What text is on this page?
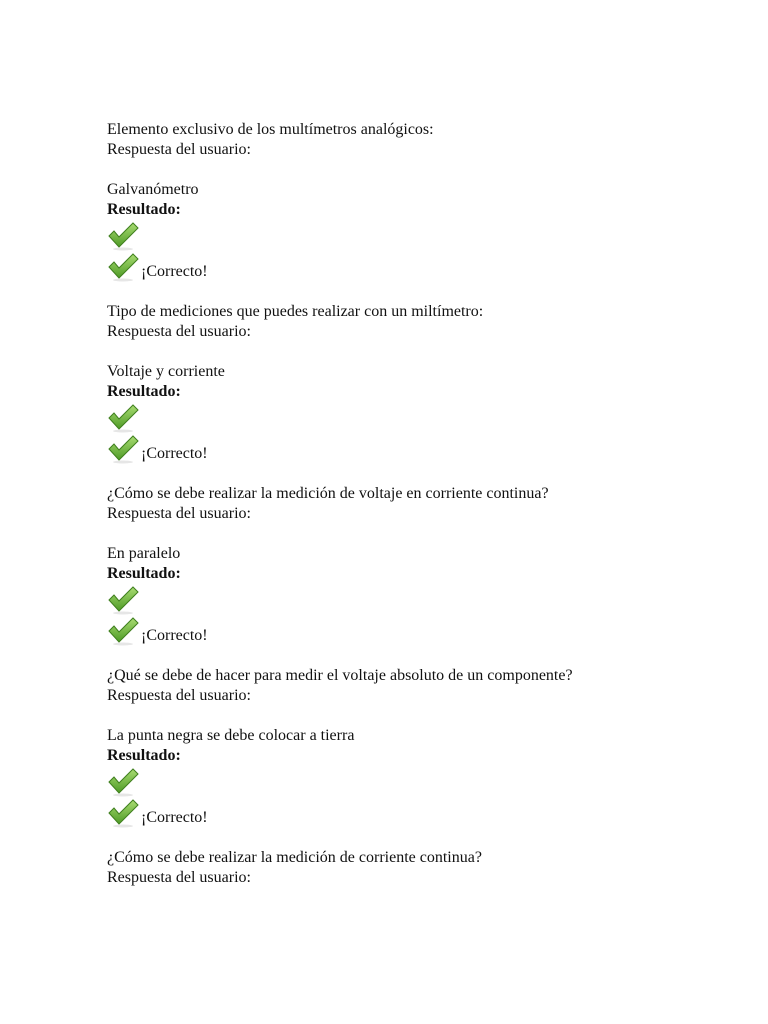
Elemento exclusivo de los multímetros analógicos:
Respuesta del usuario:
Galvanómetro
Resultado:
¡Correcto!
Tipo de mediciones que puedes realizar con un miltímetro:
Respuesta del usuario:
Voltaje y corriente
Resultado:
¡Correcto!
¿Cómo se debe realizar la medición de voltaje en corriente continua?
Respuesta del usuario:
En paralelo
Resultado:
¡Correcto!
¿Qué se debe de hacer para medir el voltaje absoluto de un componente?
Respuesta del usuario:
La punta negra se debe colocar a tierra
Resultado:
¡Correcto!
¿Cómo se debe realizar la medición de corriente continua?
Respuesta del usuario:
